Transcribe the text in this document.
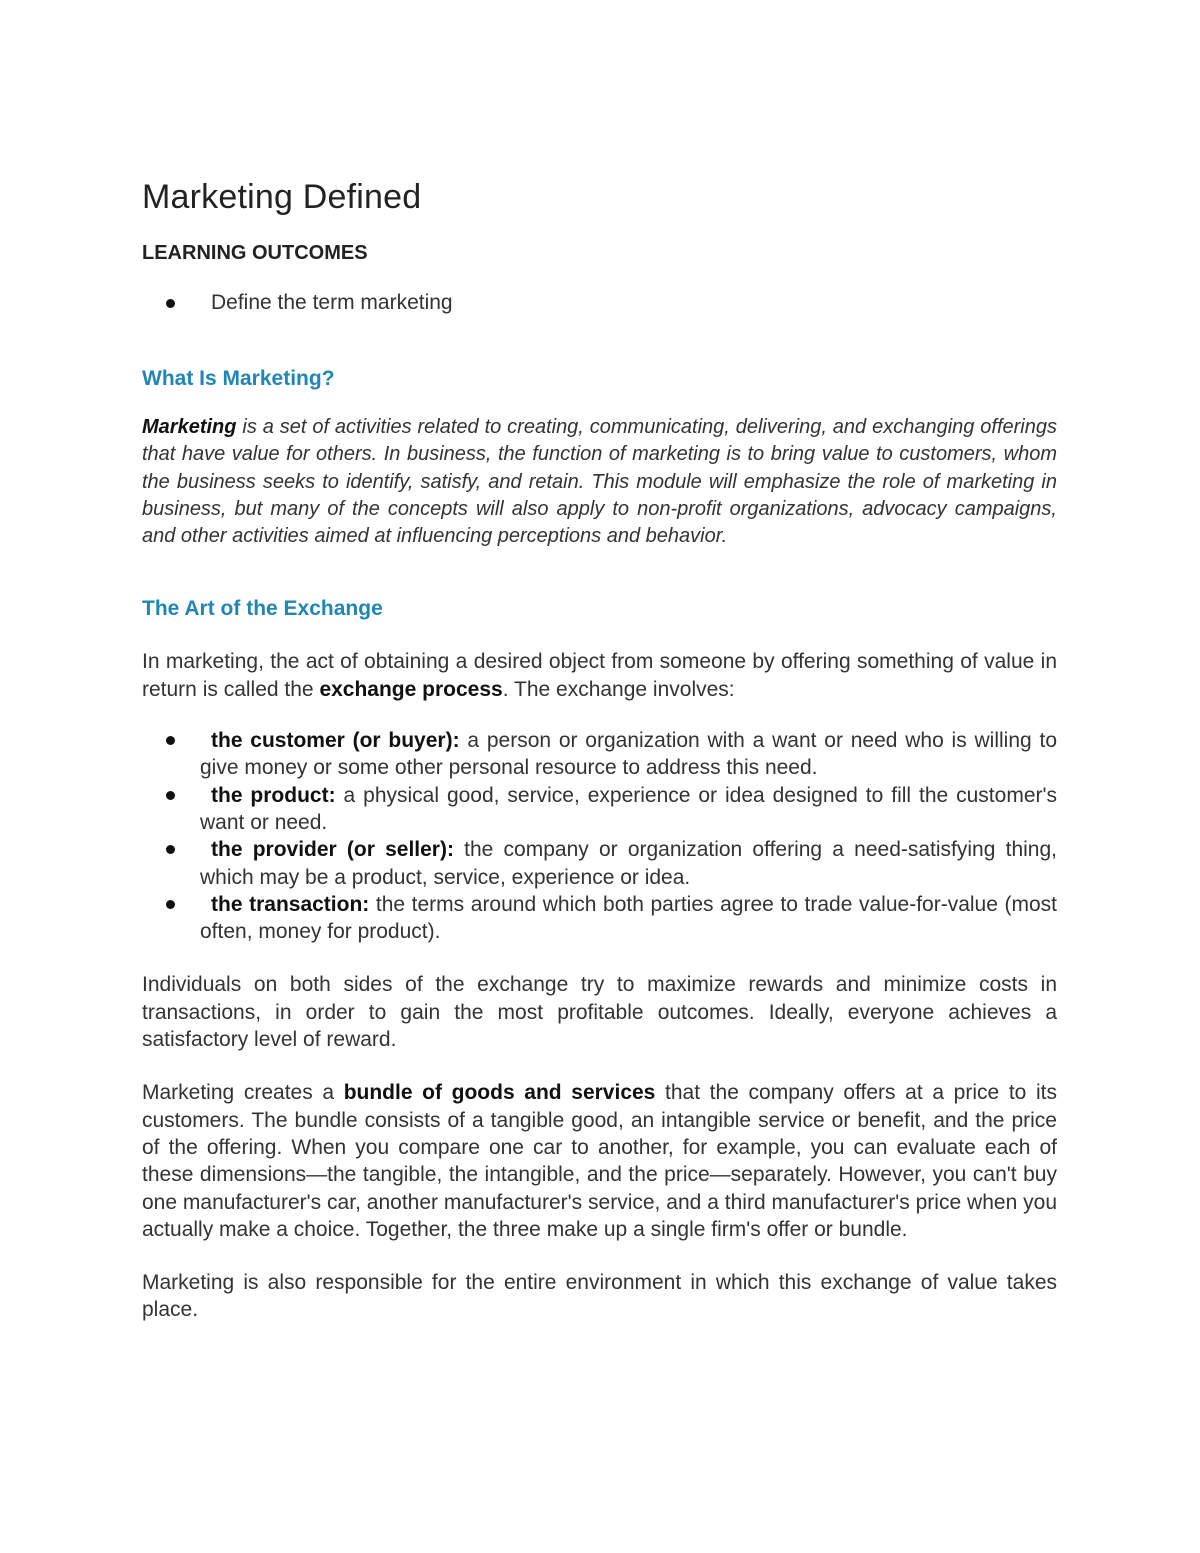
Marketing Defined
LEARNING OUTCOMES
Define the term marketing
What Is Marketing?

Marketing is a set of activities related to creating, communicating, delivering, and exchanging offerings that have value for others. In business, the function of marketing is to bring value to customers, whom the business seeks to identify, satisfy, and retain. This module will emphasize the role of marketing in business, but many of the concepts will also apply to non-profit organizations, advocacy campaigns, and other activities aimed at influencing perceptions and behavior.

The Art of the Exchange

In marketing, the act of obtaining a desired object from someone by offering something of value in return is called the exchange process. The exchange involves:

the customer (or buyer): a person or organization with a want or need who is willing to give money or some other personal resource to address this need.
the product: a physical good, service, experience or idea designed to fill the customer's want or need.
the provider (or seller): the company or organization offering a need-satisfying thing, which may be a product, service, experience or idea.
the transaction: the terms around which both parties agree to trade value-for-value (most often, money for product).

Individuals on both sides of the exchange try to maximize rewards and minimize costs in transactions, in order to gain the most profitable outcomes. Ideally, everyone achieves a satisfactory level of reward.

Marketing creates a bundle of goods and services that the company offers at a price to its customers. The bundle consists of a tangible good, an intangible service or benefit, and the price of the offering. When you compare one car to another, for example, you can evaluate each of these dimensions—the tangible, the intangible, and the price—separately. However, you can't buy one manufacturer's car, another manufacturer's service, and a third manufacturer's price when you actually make a choice. Together, the three make up a single firm's offer or bundle.

Marketing is also responsible for the entire environment in which this exchange of value takes place.
